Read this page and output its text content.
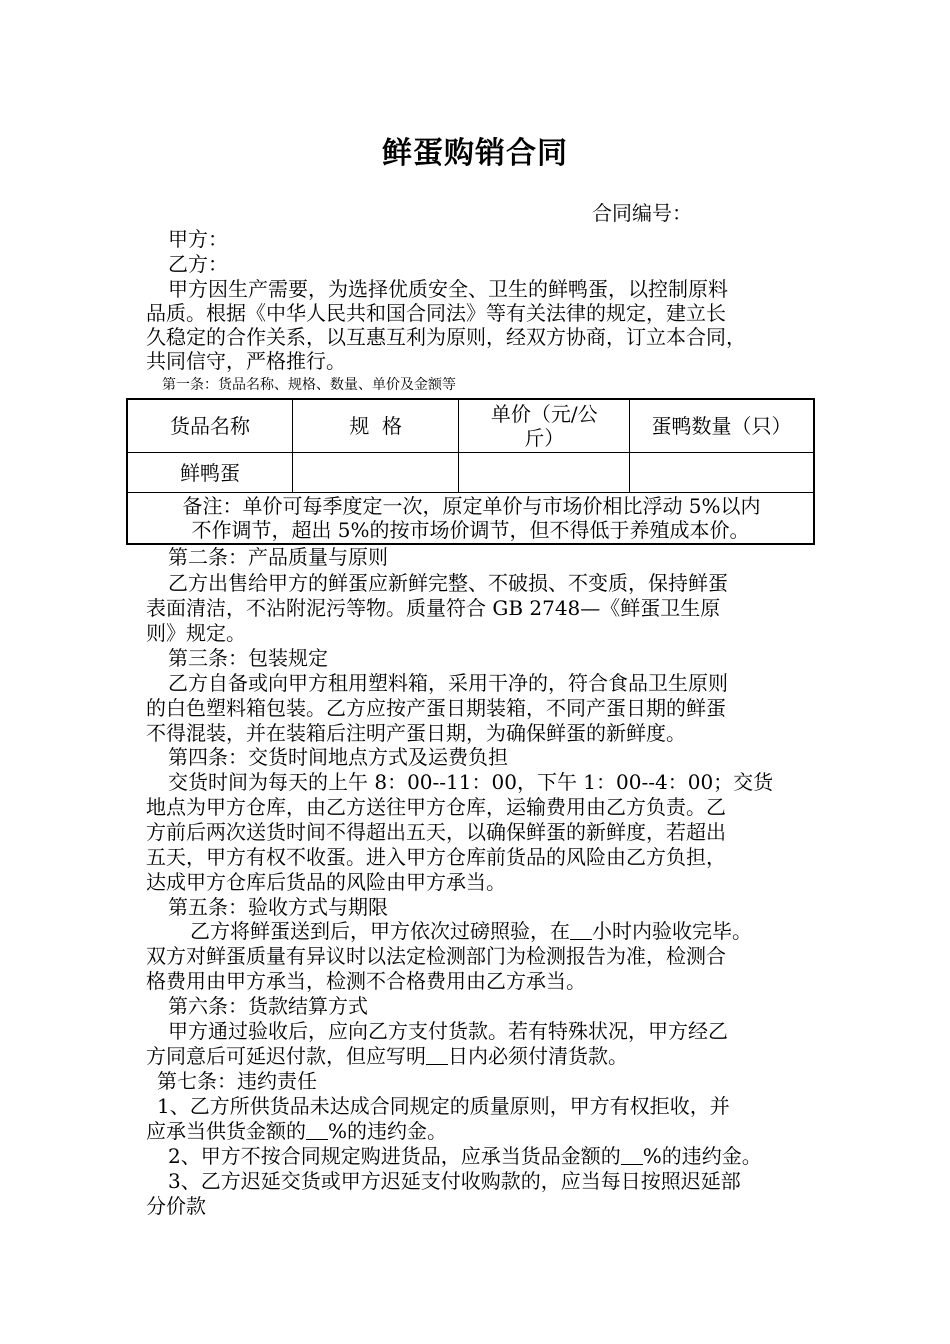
鲜蛋购销合同
合同编号：
甲方：
乙方：
甲方因生产需要，为选择优质安全、卫生的鲜鸭蛋，以控制原料
品质。根据《中华人民共和国合同法》等有关法律的规定，建立长
久稳定的合作关系，以互惠互利为原则，经双方协商，订立本合同，
共同信守，严格推行。
第一条：货品名称、规格、数量、单价及金额等
货品名称	规  格	单价（元/公
斤）	蛋鸭数量（只）
鲜鸭蛋			

备注：单价可每季度定一次，原定单价与市场价相比浮动 5%以内
不作调节，超出 5%的按市场价调节，但不得低于养殖成本价。			
第二条：产品质量与原则
乙方出售给甲方的鲜蛋应新鲜完整、不破损、不变质，保持鲜蛋
表面清洁，不沾附泥污等物。质量符合 GB 2748—《鲜蛋卫生原
则》规定。
第三条：包装规定
乙方自备或向甲方租用塑料箱，采用干净的，符合食品卫生原则
的白色塑料箱包装。乙方应按产蛋日期装箱，不同产蛋日期的鲜蛋
不得混装，并在装箱后注明产蛋日期，为确保鲜蛋的新鲜度。
第四条：交货时间地点方式及运费负担
交货时间为每天的上午 8：00--11：00，下午 1：00--4：00；交货
地点为甲方仓库，由乙方送往甲方仓库，运输费用由乙方负责。乙
方前后两次送货时间不得超出五天，以确保鲜蛋的新鲜度，若超出
五天，甲方有权不收蛋。进入甲方仓库前货品的风险由乙方负担，
达成甲方仓库后货品的风险由甲方承当。
第五条：验收方式与期限
乙方将鲜蛋送到后，甲方依次过磅照验，在 小时内验收完毕。
双方对鲜蛋质量有异议时以法定检测部门为检测报告为准，检测合
格费用由甲方承当，检测不合格费用由乙方承当。
第六条：货款结算方式
甲方通过验收后，应向乙方支付货款。若有特殊状况，甲方经乙
方同意后可延迟付款，但应写明 日内必须付清货款。
第七条：违约责任
1、乙方所供货品未达成合同规定的质量原则，甲方有权拒收，并
应承当供货金额的 %的违约金。
2、甲方不按合同规定购进货品，应承当货品金额的 %的违约金。
3、乙方迟延交货或甲方迟延支付收购款的，应当每日按照迟延部
分价款
